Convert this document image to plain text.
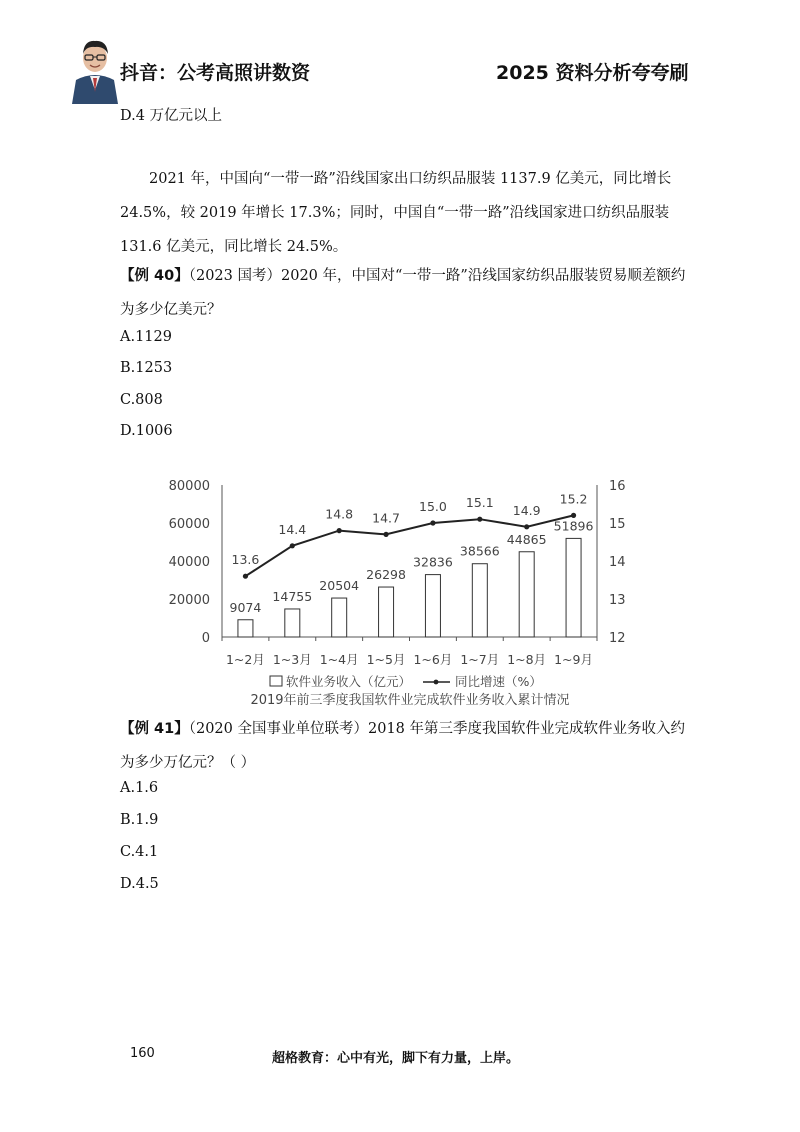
抖音：公考高照讲数资	2025 资料分析夸夸刷
D.4 万亿元以上

2021 年，中国向“一带一路”沿线国家出口纺织品服装 1137.9 亿美元，同比增长 24.5%，较 2019 年增长 17.3%；同时，中国自“一带一路”沿线国家进口纺织品服装 131.6 亿美元，同比增长 24.5%。

【例 40】（2023 国考）2020 年，中国对“一带一路”沿线国家纺织品服装贸易顺差额约为多少亿美元？

A.1129
B.1253
C.808
D.1006
0
20000
40000
60000
80000
12
13
14
15
16
1~2月 1~3月 1~4月 1~5月 1~6月 1~7月 1~8月 1~9月
9074
14755
20504
26298
32836
38566
44865
51896
13.6
14.4
14.8 14.7
15.0 15.1
14.9
15.2
软件业务收入（亿元）	同比增速（%）
2019年前三季度我国软件业完成软件业务收入累计情况

【例 41】（2020 全国事业单位联考）2018 年第三季度我国软件业完成软件业务收入约为多少万亿元？（ ）

A.1.6
B.1.9
C.4.1
D.4.5
160	超格教育：心中有光，脚下有力量，上岸。
